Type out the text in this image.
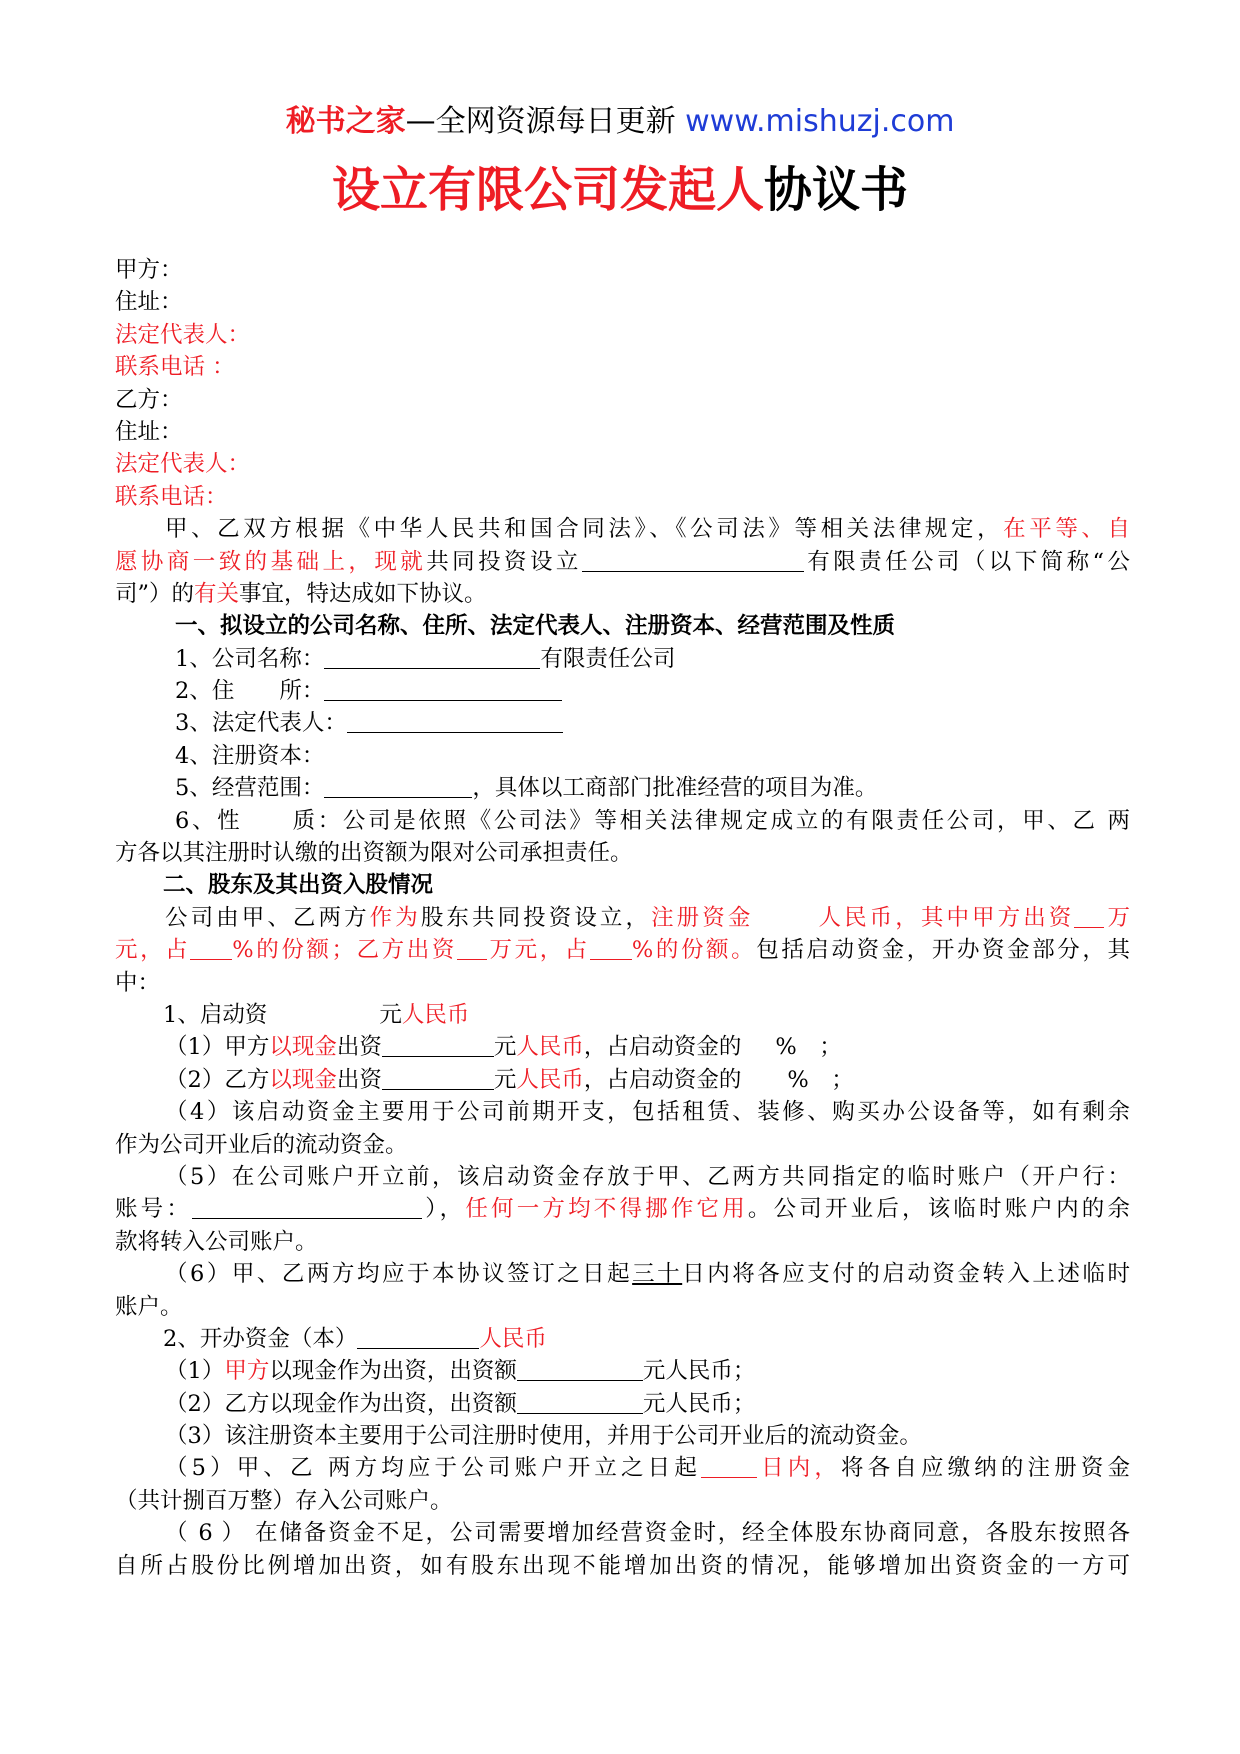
秘书之家—全网资源每日更新 www.mishuzj.com
设立有限公司发起人协议书
甲方：
住址：
法定代表人：
联系电话 ：
乙方：
住址：
法定代表人：
联系电话：
甲、乙双方根据《中华人民共和国合同法》、《公司法》等相关法律规定，在平等、自
愿协商一致的基础上，现就共同投资设立	有限责任公司（以下简称“公
司”）的有关事宜，特达成如下协议。
一、拟设立的公司名称、住所、法定代表人、注册资本、经营范围及性质
1、公司名称：	有限责任公司
2、住　　所：
3、法定代表人：
4、注册资本：
5、经营范围：	，具体以工商部门批准经营的项目为准。
6、性　　质：公司是依照《公司法》等相关法律规定成立的有限责任公司，甲、乙 两
方各以其注册时认缴的出资额为限对公司承担责任。
二、股东及其出资入股情况
公司由甲、乙两方作为股东共同投资设立，注册资金	人民币，其中甲方出资 万
元，占 %的份额；乙方出资 万元，占 %的份额。包括启动资金，开办资金部分，其
中：
1、启动资	元人民币
（1）甲方以现金出资	元人民币，占启动资金的 %　；
（2）乙方以现金出资	元人民币，占启动资金的 %　；
（4）该启动资金主要用于公司前期开支，包括租赁、装修、购买办公设备等，如有剩余
作为公司开业后的流动资金。
（5）在公司账户开立前，该启动资金存放于甲、乙两方共同指定的临时账户（开户行：
账号：	），任何一方均不得挪作它用。公司开业后，该临时账户内的余
款将转入公司账户。
（6）甲、乙两方均应于本协议签订之日起三十日内将各应支付的启动资金转入上述临时
账户。
2、开办资金（本）	人民币
（1）甲方以现金作为出资，出资额	元人民币；
（2）乙方以现金作为出资，出资额	元人民币；
（3）该注册资本主要用于公司注册时使用，并用于公司开业后的流动资金。
（5）甲、乙 两方均应于公司账户开立之日起 日内，将各自应缴纳的注册资金
（共计捌百万整）存入公司账户。
（ 6 ） 在储备资金不足，公司需要增加经营资金时，经全体股东协商同意，各股东按照各
自所占股份比例增加出资，如有股东出现不能增加出资的情况，能够增加出资资金的一方可
